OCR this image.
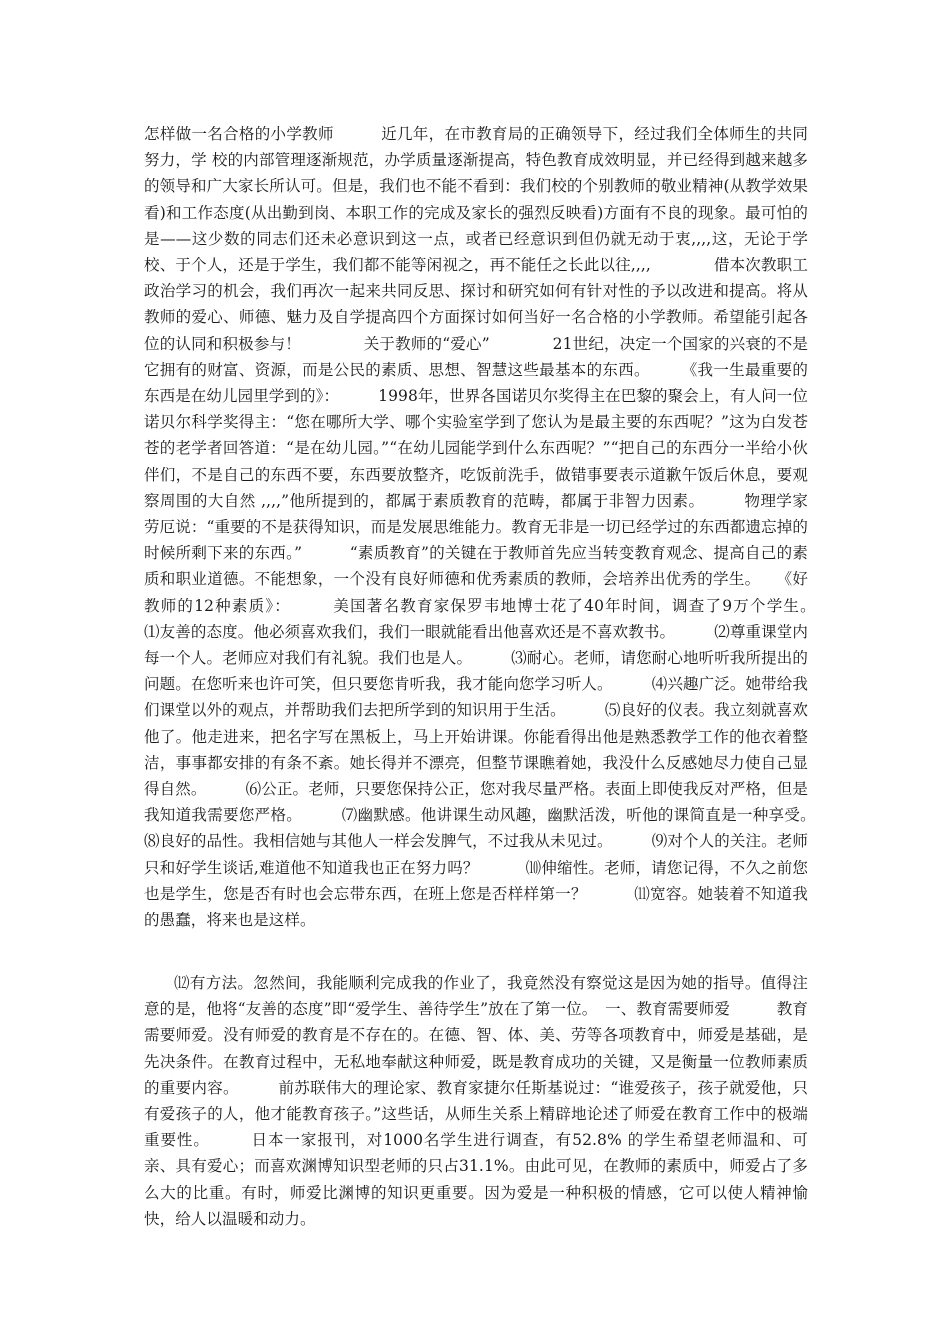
怎样做一名合格的小学教师　　　近几年，在市教育局的正确领导下，经过我们全体师生的共同努力，学 校的内部管理逐渐规范，办学质量逐渐提高，特色教育成效明显，并已经得到越来越多的领导和广大家长所认可。但是，我们也不能不看到：我们校的个别教师的敬业精神(从教学效果看)和工作态度(从出勤到岗、本职工作的完成及家长的强烈反映看)方面有不良的现象。最可怕的是——这少数的同志们还未必意识到这一点，或者已经意识到但仍就无动于衷,,,,这，无论于学校、于个人，还是于学生，我们都不能等闲视之，再不能任之长此以往,,,,　　　　借本次教职工政治学习的机会，我们再次一起来共同反思、探讨和研究如何有针对性的予以改进和提高。将从教师的爱心、师德、魅力及自学提高四个方面探讨如何当好一名合格的小学教师。希望能引起各位的认同和积极参与！　　　　关于教师的“爱心”　　　　21世纪，决定一个国家的兴衰的不是它拥有的财富、资源，而是公民的素质、思想、智慧这些最基本的东西。　　　《我一生最重要的东西是在幼儿园里学到的》：　　　1998年，世界各国诺贝尔奖得主在巴黎的聚会上，有人问一位诺贝尔科学奖得主：“您在哪所大学、哪个实验室学到了您认为是最主要的东西呢？”这为白发苍苍的老学者回答道：“是在幼儿园。”“在幼儿园能学到什么东西呢？”“把自己的东西分一半给小伙伴们，不是自己的东西不要，东西要放整齐，吃饭前洗手，做错事要表示道歉午饭后休息，要观察周围的大自然 ,,,,”他所提到的，都属于素质教育的范畴，都属于非智力因素。　　　物理学家劳厄说：“重要的不是获得知识，而是发展思维能力。教育无非是一切已经学过的东西都遗忘掉的时候所剩下来的东西。”　　　“素质教育”的关键在于教师首先应当转变教育观念、提高自己的素质和职业道德。不能想象，一个没有良好师德和优秀素质的教师，会培养出优秀的学生。　　《好教师的12种素质》：　　　美国著名教育家保罗韦地博士花了40年时间，调查了9万个学生。　　　⑴友善的态度。他必须喜欢我们，我们一眼就能看出他喜欢还是不喜欢教书。　　　⑵尊重课堂内每一个人。老师应对我们有礼貌。我们也是人。　　　⑶耐心。老师，请您耐心地听听我所提出的问题。在您听来也许可笑，但只要您肯听我，我才能向您学习听人。　　　⑷兴趣广泛。她带给我们课堂以外的观点，并帮助我们去把所学到的知识用于生活。　　　⑸良好的仪表。我立刻就喜欢他了。他走进来，把名字写在黑板上，马上开始讲课。你能看得出他是熟悉教学工作的他衣着整洁，事事都安排的有条不紊。她长得并不漂亮，但整节课瞧着她，我没什么反感她尽力使自己显得自然。　　　⑹公正。老师，只要您保持公正，您对我尽量严格。表面上即使我反对严格，但是我知道我需要您严格。　　　⑺幽默感。他讲课生动风趣，幽默活泼，听他的课简直是一种享受。　　　⑻良好的品性。我相信她与其他人一样会发脾气，不过我从未见过。　　　⑼对个人的关注。老师只和好学生谈话,难道他不知道我也正在努力吗？　　　⑽伸缩性。老师，请您记得，不久之前您也是学生，您是否有时也会忘带东西，在班上您是否样样第一？　　　⑾宽容。她装着不知道我的愚蠢，将来也是这样。
⑿有方法。忽然间，我能顺利完成我的作业了，我竟然没有察觉这是因为她的指导。值得注意的是，他将“友善的态度”即“爱学生、善待学生”放在了第一位。　一、教育需要师爱　　　教育需要师爱。没有师爱的教育是不存在的。在德、智、体、美、劳等各项教育中，师爱是基础，是先决条件。在教育过程中，无私地奉献这种师爱，既是教育成功的关键，又是衡量一位教师素质的重要内容。　　　前苏联伟大的理论家、教育家捷尔任斯基说过：“谁爱孩子，孩子就爱他，只有爱孩子的人，他才能教育孩子。”这些话，从师生关系上精辟地论述了师爱在教育工作中的极端重要性。　　　日本一家报刊，对1000名学生进行调查，有52.8% 的学生希望老师温和、可亲、具有爱心；而喜欢渊博知识型老师的只占31.1%。由此可见，在教师的素质中，师爱占了多么大的比重。有时，师爱比渊博的知识更重要。因为爱是一种积极的情感，它可以使人精神愉快，给人以温暖和动力。
